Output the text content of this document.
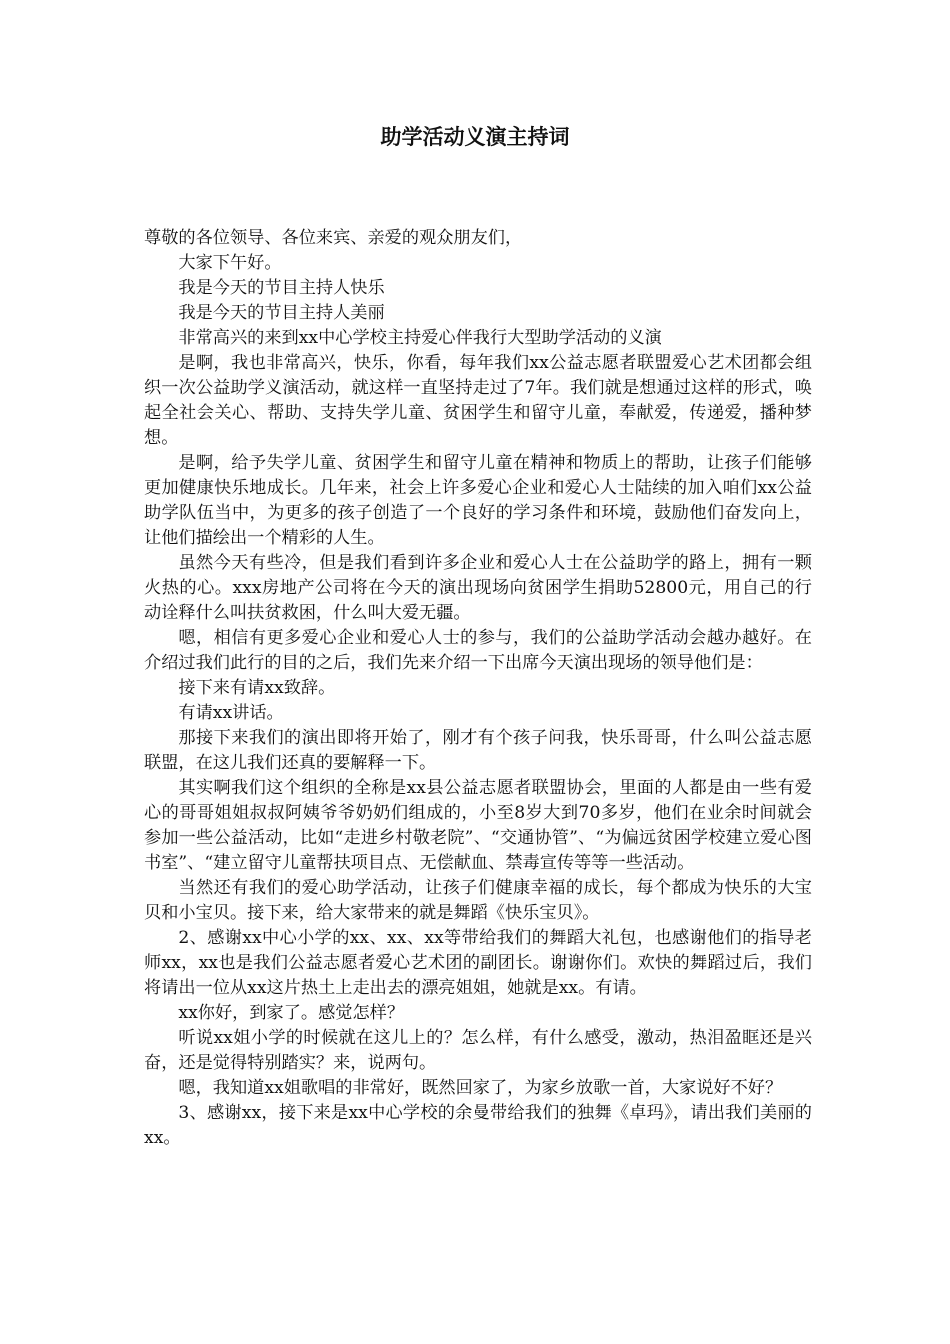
助学活动义演主持词

尊敬的各位领导、各位来宾、亲爱的观众朋友们，

大家下午好。

我是今天的节目主持人快乐

我是今天的节目主持人美丽

非常高兴的来到xx中心学校主持爱心伴我行大型助学活动的义演

是啊，我也非常高兴，快乐，你看，每年我们xx公益志愿者联盟爱心艺术团都会组织一次公益助学义演活动，就这样一直坚持走过了7年。我们就是想通过这样的形式，唤起全社会关心、帮助、支持失学儿童、贫困学生和留守儿童，奉献爱，传递爱，播种梦想。

是啊，给予失学儿童、贫困学生和留守儿童在精神和物质上的帮助，让孩子们能够更加健康快乐地成长。几年来，社会上许多爱心企业和爱心人士陆续的加入咱们xx公益助学队伍当中，为更多的孩子创造了一个良好的学习条件和环境，鼓励他们奋发向上，让他们描绘出一个精彩的人生。

虽然今天有些冷，但是我们看到许多企业和爱心人士在公益助学的路上，拥有一颗火热的心。xxx房地产公司将在今天的演出现场向贫困学生捐助52800元，用自己的行动诠释什么叫扶贫救困，什么叫大爱无疆。

嗯，相信有更多爱心企业和爱心人士的参与，我们的公益助学活动会越办越好。在介绍过我们此行的目的之后，我们先来介绍一下出席今天演出现场的领导他们是：

接下来有请xx致辞。

有请xx讲话。

那接下来我们的演出即将开始了，刚才有个孩子问我，快乐哥哥，什么叫公益志愿联盟，在这儿我们还真的要解释一下。

其实啊我们这个组织的全称是xx县公益志愿者联盟协会，里面的人都是由一些有爱心的哥哥姐姐叔叔阿姨爷爷奶奶们组成的，小至8岁大到70多岁，他们在业余时间就会参加一些公益活动，比如“走进乡村敬老院”、“交通协管”、“为偏远贫困学校建立爱心图书室”、“建立留守儿童帮扶项目点、无偿献血、禁毒宣传等等一些活动。

当然还有我们的爱心助学活动，让孩子们健康幸福的成长，每个都成为快乐的大宝贝和小宝贝。接下来，给大家带来的就是舞蹈《快乐宝贝》。

2、感谢xx中心小学的xx、xx、xx等带给我们的舞蹈大礼包，也感谢他们的指导老师xx，xx也是我们公益志愿者爱心艺术团的副团长。谢谢你们。欢快的舞蹈过后，我们将请出一位从xx这片热土上走出去的漂亮姐姐，她就是xx。有请。

xx你好，到家了。感觉怎样？

听说xx姐小学的时候就在这儿上的？怎么样，有什么感受，激动，热泪盈眶还是兴奋，还是觉得特别踏实？来，说两句。

嗯，我知道xx姐歌唱的非常好，既然回家了，为家乡放歌一首，大家说好不好？

3、感谢xx，接下来是xx中心学校的余曼带给我们的独舞《卓玛》，请出我们美丽的xx。
